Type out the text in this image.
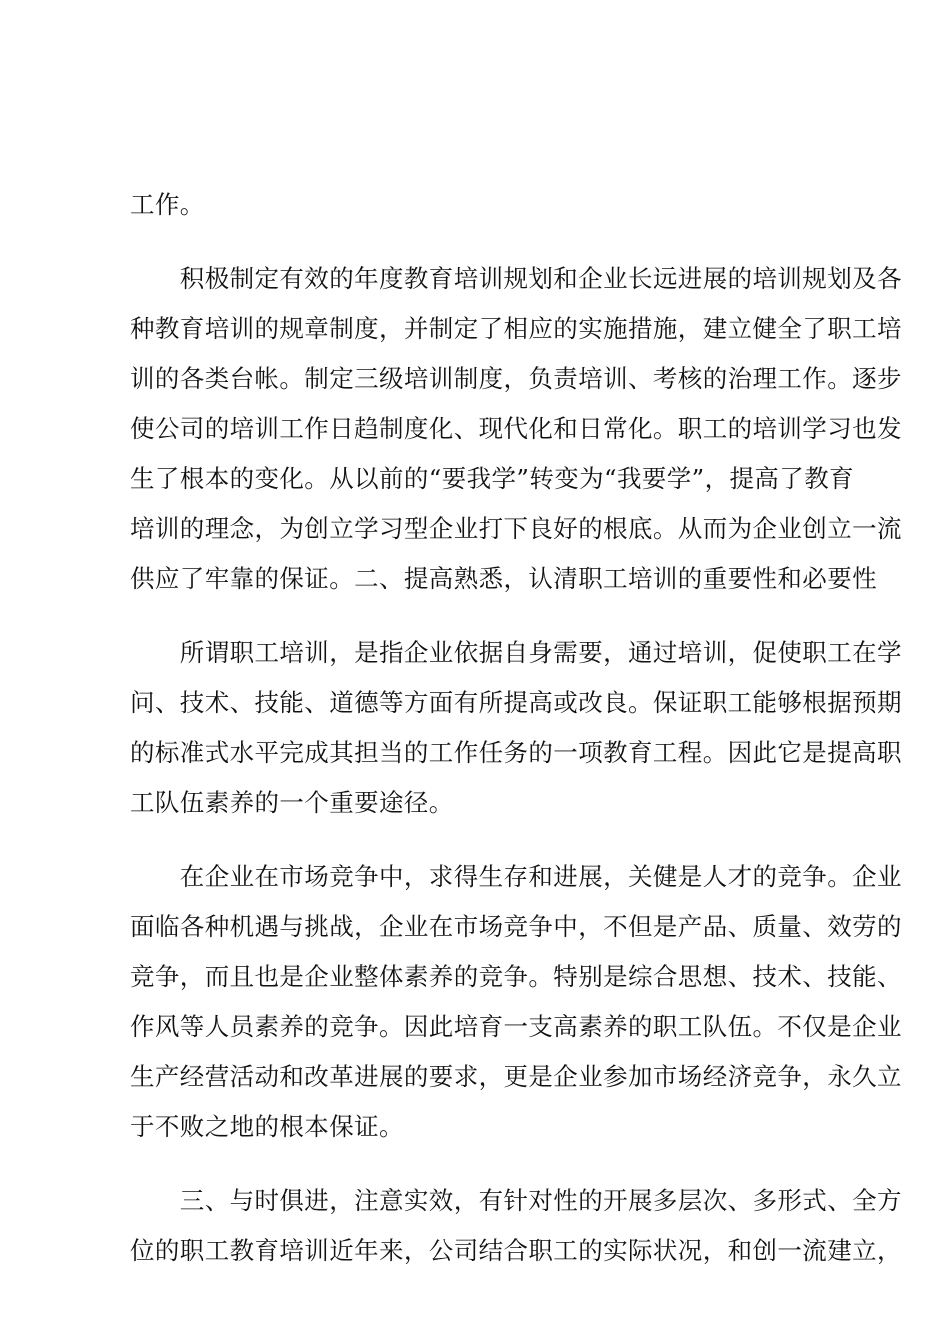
工作。
　　积极制定有效的年度教育培训规划和企业长远进展的培训规划及各
种教育培训的规章制度，并制定了相应的实施措施，建立健全了职工培
训的各类台帐。制定三级培训制度，负责培训、考核的治理工作。逐步
使公司的培训工作日趋制度化、现代化和日常化。职工的培训学习也发
生了根本的变化。从以前的“要我学”转变为“我要学”，提高了教育
培训的理念，为创立学习型企业打下良好的根底。从而为企业创立一流
供应了牢靠的保证。二、提高熟悉，认清职工培训的重要性和必要性
　　所谓职工培训，是指企业依据自身需要，通过培训，促使职工在学
问、技术、技能、道德等方面有所提高或改良。保证职工能够根据预期
的标准式水平完成其担当的工作任务的一项教育工程。因此它是提高职
工队伍素养的一个重要途径。
　　在企业在市场竞争中，求得生存和进展，关健是人才的竞争。企业
面临各种机遇与挑战，企业在市场竞争中，不但是产品、质量、效劳的
竞争，而且也是企业整体素养的竞争。特别是综合思想、技术、技能、
作风等人员素养的竞争。因此培育一支高素养的职工队伍。不仅是企业
生产经营活动和改革进展的要求，更是企业参加市场经济竞争，永久立
于不败之地的根本保证。
　　三、与时俱进，注意实效，有针对性的开展多层次、多形式、全方
位的职工教育培训近年来，公司结合职工的实际状况，和创一流建立，
